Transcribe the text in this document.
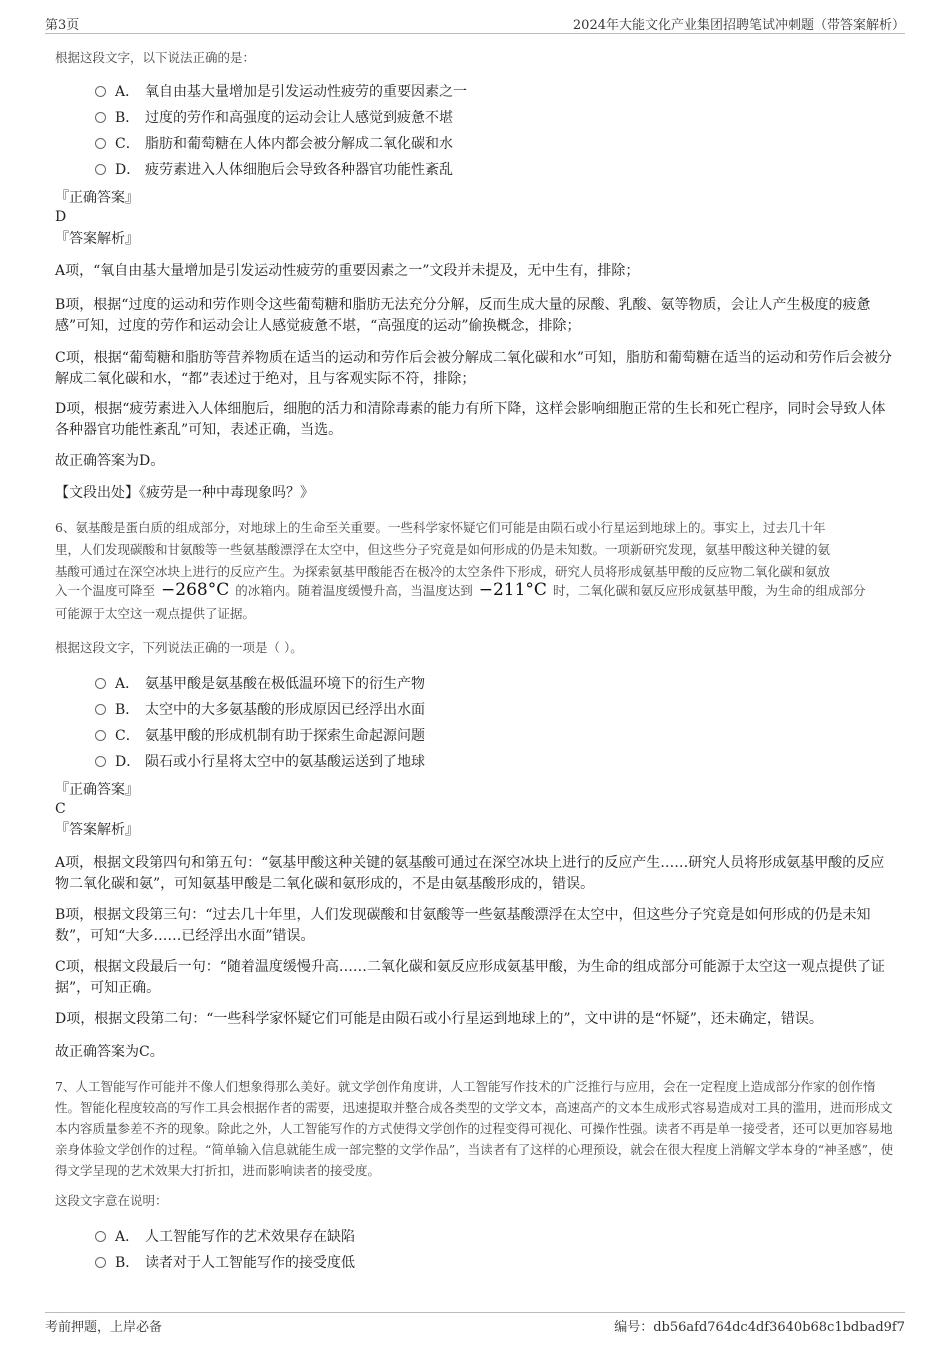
第3页	2024年大能文化产业集团招聘笔试冲刺题（带答案解析）
根据这段文字，以下说法正确的是：
A． 氧自由基大量增加是引发运动性疲劳的重要因素之一
B． 过度的劳作和高强度的运动会让人感觉到疲惫不堪
C． 脂肪和葡萄糖在人体内都会被分解成二氧化碳和水
D． 疲劳素进入人体细胞后会导致各种器官功能性紊乱
『正确答案』
D
『答案解析』
A项，“氧自由基大量增加是引发运动性疲劳的重要因素之一”文段并未提及，无中生有，排除；
B项，根据“过度的运动和劳作则令这些葡萄糖和脂肪无法充分分解，反而生成大量的尿酸、乳酸、氨等物质，会让人产生极度的疲惫感”可知，过度的劳作和运动会让人感觉疲惫不堪，“高强度的运动”偷换概念，排除；
C项，根据“葡萄糖和脂肪等营养物质在适当的运动和劳作后会被分解成二氧化碳和水”可知，脂肪和葡萄糖在适当的运动和劳作后会被分解成二氧化碳和水，“都”表述过于绝对，且与客观实际不符，排除；
D项，根据“疲劳素进入人体细胞后，细胞的活力和清除毒素的能力有所下降，这样会影响细胞正常的生长和死亡程序，同时会导致人体各种器官功能性紊乱”可知，表述正确，当选。
故正确答案为D。
【文段出处】《疲劳是一种中毒现象吗？》
6、氨基酸是蛋白质的组成部分，对地球上的生命至关重要。一些科学家怀疑它们可能是由陨石或小行星运到地球上的。事实上，过去几十年
里，人们发现碳酸和甘氨酸等一些氨基酸漂浮在太空中，但这些分子究竟是如何形成的仍是未知数。一项新研究发现，氨基甲酸这种关键的氨
基酸可通过在深空冰块上进行的反应产生。为探索氨基甲酸能否在极冷的太空条件下形成，研究人员将形成氨基甲酸的反应物二氧化碳和氨放
入一个温度可降至 −268°C 的冰箱内。随着温度缓慢升高，当温度达到 −211°C 时，二氧化碳和氨反应形成氨基甲酸，为生命的组成部分
可能源于太空这一观点提供了证据。
根据这段文字，下列说法正确的一项是（ ）。
A． 氨基甲酸是氨基酸在极低温环境下的衍生产物
B． 太空中的大多氨基酸的形成原因已经浮出水面
C． 氨基甲酸的形成机制有助于探索生命起源问题
D． 陨石或小行星将太空中的氨基酸运送到了地球
『正确答案』
C
『答案解析』
A项，根据文段第四句和第五句：“氨基甲酸这种关键的氨基酸可通过在深空冰块上进行的反应产生……研究人员将形成氨基甲酸的反应物二氧化碳和氨”，可知氨基甲酸是二氧化碳和氨形成的，不是由氨基酸形成的，错误。
B项，根据文段第三句：“过去几十年里，人们发现碳酸和甘氨酸等一些氨基酸漂浮在太空中，但这些分子究竟是如何形成的仍是未知数”，可知“大多……已经浮出水面”错误。
C项，根据文段最后一句：“随着温度缓慢升高……二氧化碳和氨反应形成氨基甲酸，为生命的组成部分可能源于太空这一观点提供了证据”，可知正确。
D项，根据文段第二句：“一些科学家怀疑它们可能是由陨石或小行星运到地球上的”，文中讲的是“怀疑”，还未确定，错误。
故正确答案为C。
7、人工智能写作可能并不像人们想象得那么美好。就文学创作角度讲，人工智能写作技术的广泛推行与应用，会在一定程度上造成部分作家的创作惰性。智能化程度较高的写作工具会根据作者的需要，迅速提取并整合成各类型的文学文本，高速高产的文本生成形式容易造成对工具的滥用，进而形成文本内容质量参差不齐的现象。除此之外，人工智能写作的方式使得文学创作的过程变得可视化、可操作性强。读者不再是单一接受者，还可以更加容易地亲身体验文学创作的过程。“简单输入信息就能生成一部完整的文学作品”，当读者有了这样的心理预设，就会在很大程度上消解文学本身的“神圣感”，使得文学呈现的艺术效果大打折扣，进而影响读者的接受度。
这段文字意在说明：
A． 人工智能写作的艺术效果存在缺陷
B． 读者对于人工智能写作的接受度低
考前押题，上岸必备	编号：db56afd764dc4df3640b68c1bdbad9f7
